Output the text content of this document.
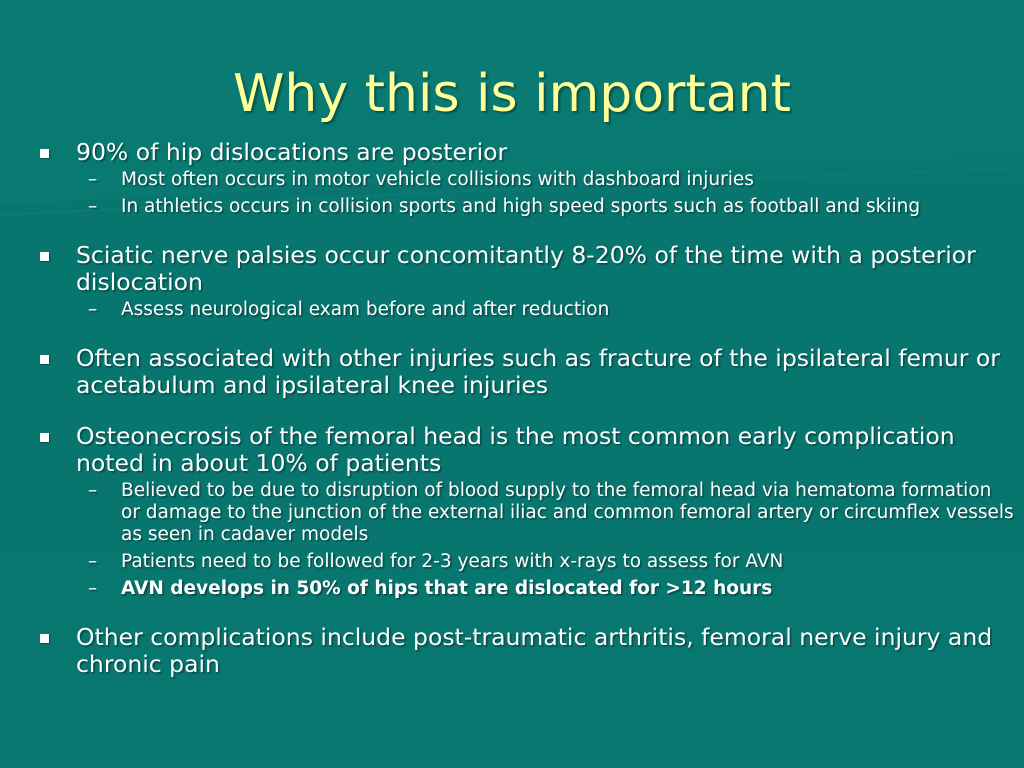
Why this is important
90% of hip dislocations are posterior
– Most often occurs in motor vehicle collisions with dashboard injuries
– In athletics occurs in collision sports and high speed sports such as football and skiing
Sciatic nerve palsies occur concomitantly 8-20% of the time with a posterior dislocation
– Assess neurological exam before and after reduction
Often associated with other injuries such as fracture of the ipsilateral femur or acetabulum and ipsilateral knee injuries
Osteonecrosis of the femoral head is the most common early complication noted in about 10% of patients
– Believed to be due to disruption of blood supply to the femoral head via hematoma formation or damage to the junction of the external iliac and common femoral artery or circumflex vessels as seen in cadaver models
– Patients need to be followed for 2-3 years with x-rays to assess for AVN
– AVN develops in 50% of hips that are dislocated for >12 hours
Other complications include post-traumatic arthritis, femoral nerve injury and chronic pain
